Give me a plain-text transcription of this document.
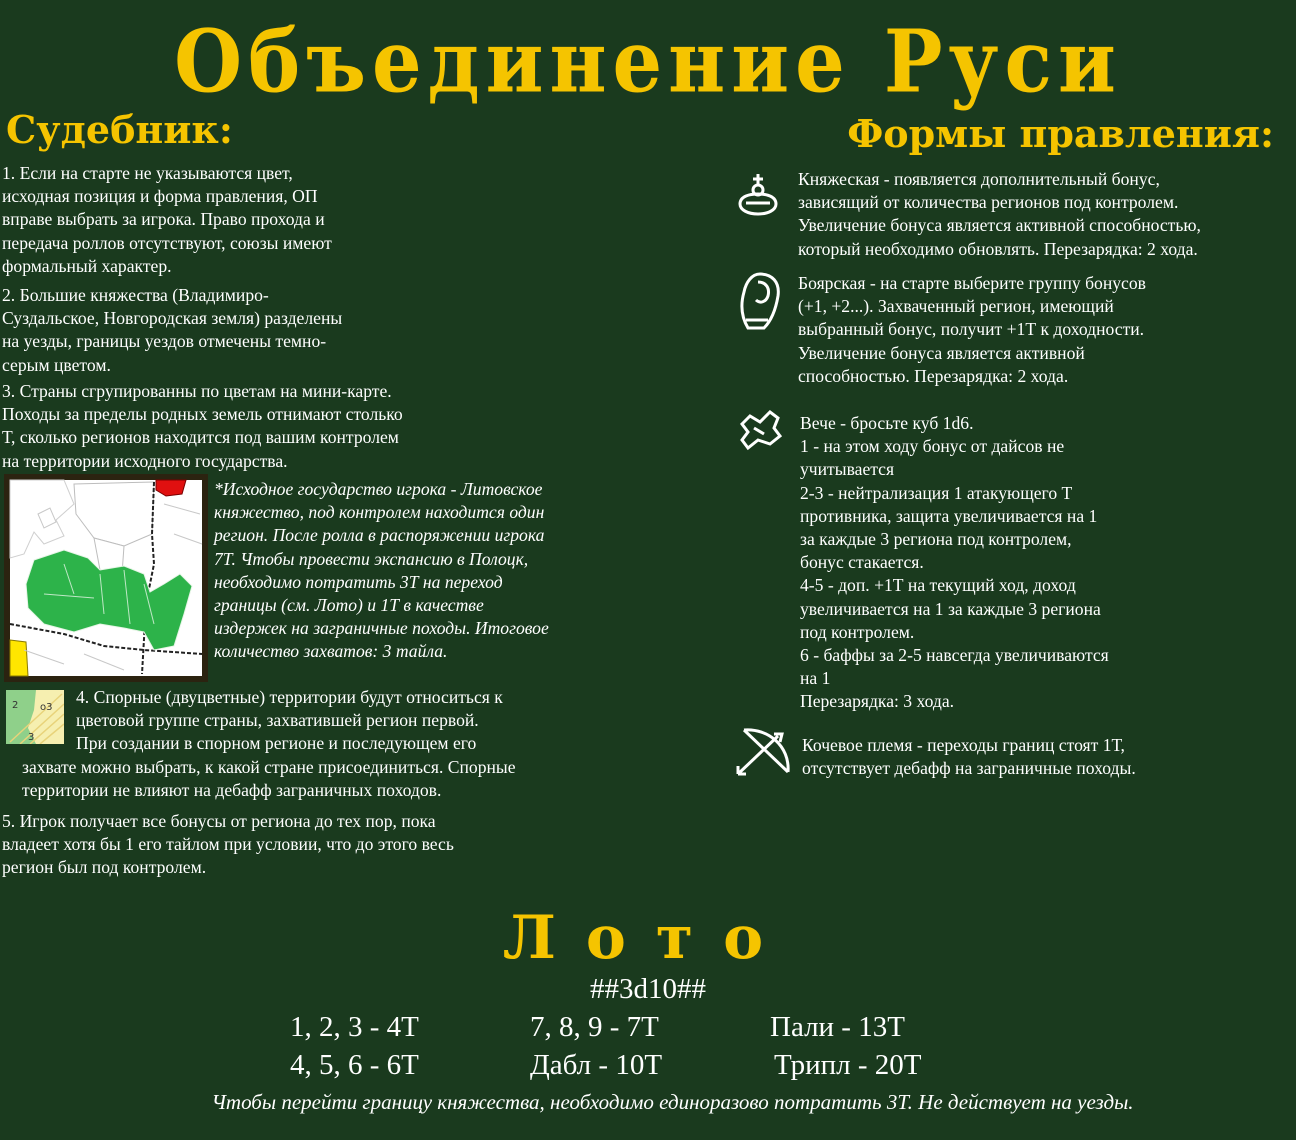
Объединение Руси
Судебник:
1. Если на старте не указываются цвет,
исходная позиция и форма правления, ОП
вправе выбрать за игрока. Право прохода и
передача роллов отсутствуют, союзы имеют
формальный характер.
2. Большие княжества (Владимиро-
Суздальское, Новгородская земля) разделены
на уезды, границы уездов отмечены темно-
серым цветом.
3. Страны сгрупированны по цветам на мини-карте.
Походы за пределы родных земель отнимают столько
Т, сколько регионов находится под вашим контролем
на территории исходного государства.
*Исходное государство игрока - Литовское
княжество, под контролем находится один
регион. После ролла в распоряжении игрока
7Т. Чтобы провести экспансию в Полоцк,
необходимо потратить 3Т на переход
границы (см. Лото) и 1Т в качестве
издержек на заграничные походы. Итоговое
количество захватов: 3 тайла.
2 о3
3
4. Спорные (двуцветные) территории будут относиться к
цветовой группе страны, захватившей регион первой.
При создании в спорном регионе и последующем его
захвате можно выбрать, к какой стране присоединиться. Спорные
территории не влияют на дебафф заграничных походов.
5. Игрок получает все бонусы от региона до тех пор, пока
владеет хотя бы 1 его тайлом при условии, что до этого весь
регион был под контролем.
Формы правления:
Княжеская - появляется дополнительный бонус,
зависящий от количества регионов под контролем.
Увеличение бонуса является активной способностью,
который необходимо обновлять. Перезарядка: 2 хода.
Боярская - на старте выберите группу бонусов
(+1, +2...). Захваченный регион, имеющий
выбранный бонус, получит +1Т к доходности.
Увеличение бонуса является активной
способностью. Перезарядка: 2 хода.
Вече - бросьте куб 1d6.
1 - на этом ходу бонус от дайсов не
учитывается
2-3 - нейтрализация 1 атакующего Т
противника, защита увеличивается на 1
за каждые 3 региона под контролем,
бонус стакается.
4-5 - доп. +1Т на текущий ход, доход
увеличивается на 1 за каждые 3 региона
под контролем.
6 - баффы за 2-5 навсегда увеличиваются
на 1
Перезарядка: 3 хода.
Кочевое племя - переходы границ стоят 1Т,
отсутствует дебафф на заграничные походы.
Лото
##3d10##
1, 2, 3 - 4Т	7, 8, 9 - 7Т	Пали - 13Т
4, 5, 6 - 6Т	Дабл - 10Т	Трипл - 20Т
Чтобы перейти границу княжества, необходимо единоразово потратить 3Т. Не действует на уезды.
